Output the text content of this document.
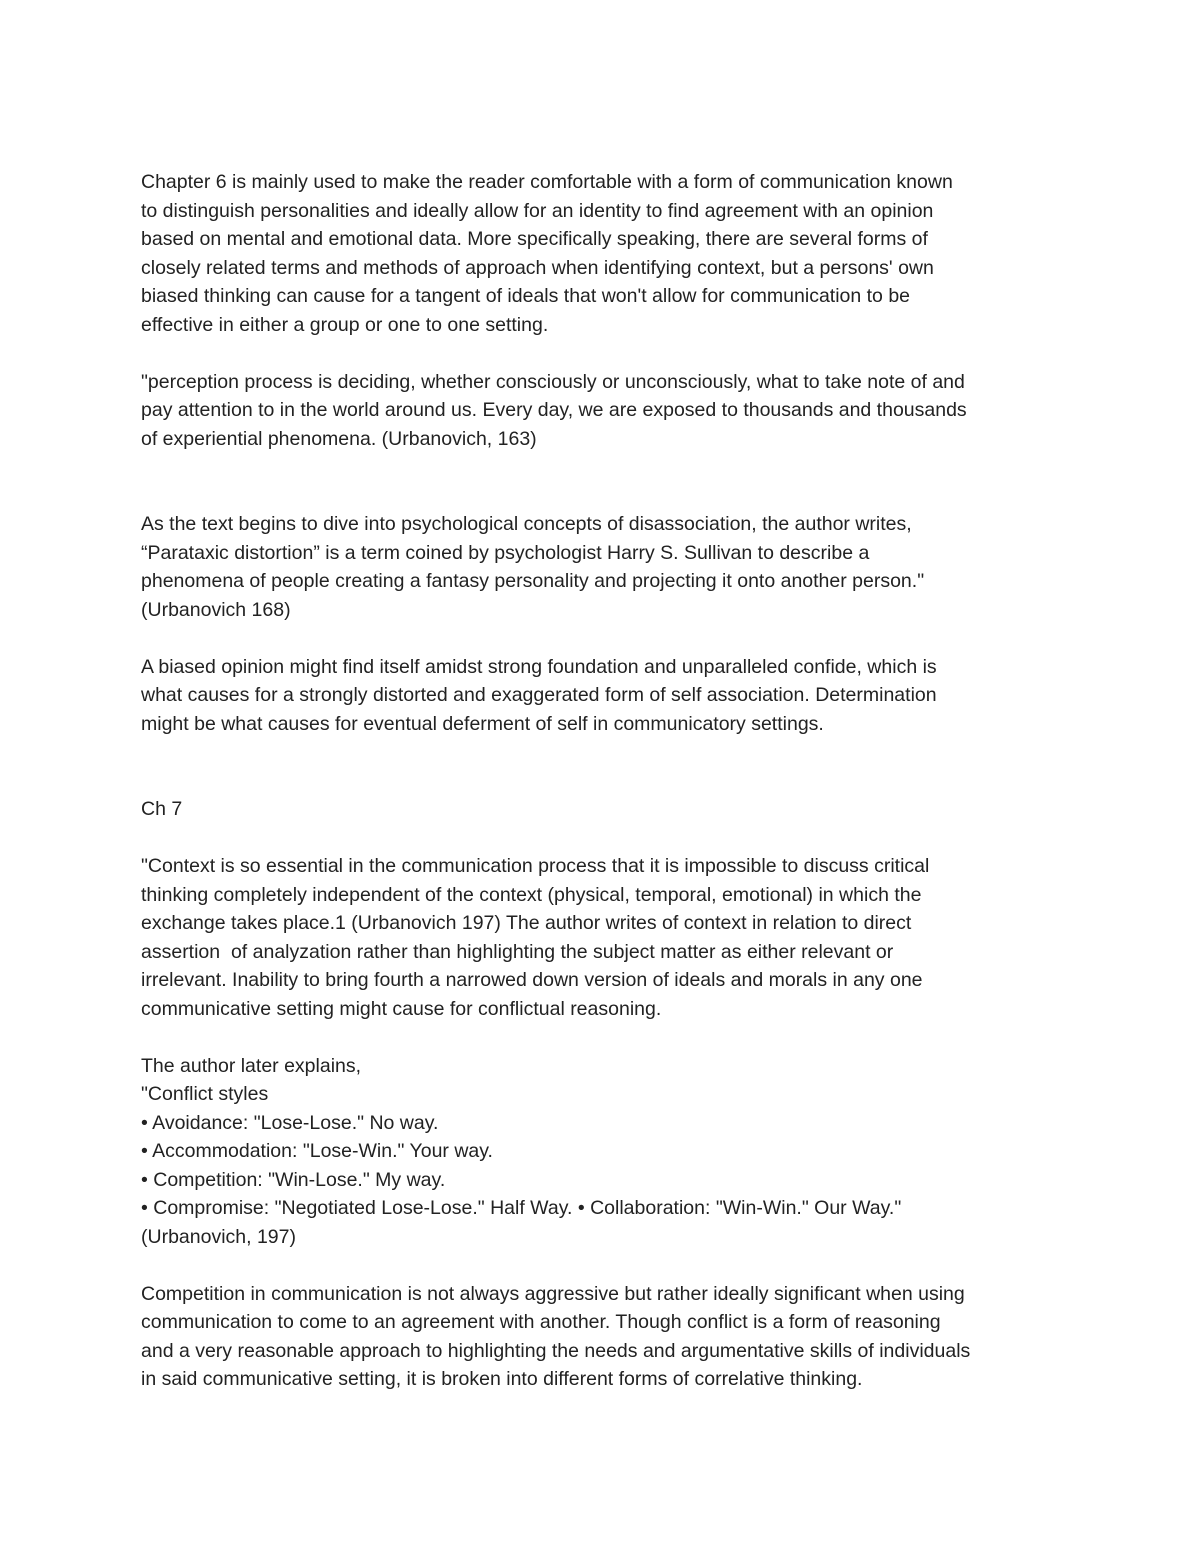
Chapter 6 is mainly used to make the reader comfortable with a form of communication known
to distinguish personalities and ideally allow for an identity to find agreement with an opinion
based on mental and emotional data. More specifically speaking, there are several forms of
closely related terms and methods of approach when identifying context, but a persons' own
biased thinking can cause for a tangent of ideals that won't allow for communication to be
effective in either a group or one to one setting.
"perception process is deciding, whether consciously or unconsciously, what to take note of and
pay attention to in the world around us. Every day, we are exposed to thousands and thousands
of experiential phenomena. (Urbanovich, 163)
As the text begins to dive into psychological concepts of disassociation, the author writes,
“Parataxic distortion” is a term coined by psychologist Harry S. Sullivan to describe a
phenomena of people creating a fantasy personality and projecting it onto another person."
(Urbanovich 168)
A biased opinion might find itself amidst strong foundation and unparalleled confide, which is
what causes for a strongly distorted and exaggerated form of self association. Determination
might be what causes for eventual deferment of self in communicatory settings.
Ch 7
"Context is so essential in the communication process that it is impossible to discuss critical
thinking completely independent of the context (physical, temporal, emotional) in which the
exchange takes place.1 (Urbanovich 197) The author writes of context in relation to direct
assertion  of analyzation rather than highlighting the subject matter as either relevant or
irrelevant. Inability to bring fourth a narrowed down version of ideals and morals in any one
communicative setting might cause for conflictual reasoning.
The author later explains,
"Conflict styles
• Avoidance: "Lose-Lose." No way.
• Accommodation: "Lose-Win." Your way.
• Competition: "Win-Lose." My way.
• Compromise: "Negotiated Lose-Lose." Half Way. • Collaboration: "Win-Win." Our Way."
(Urbanovich, 197)
Competition in communication is not always aggressive but rather ideally significant when using
communication to come to an agreement with another. Though conflict is a form of reasoning
and a very reasonable approach to highlighting the needs and argumentative skills of individuals
in said communicative setting, it is broken into different forms of correlative thinking.
